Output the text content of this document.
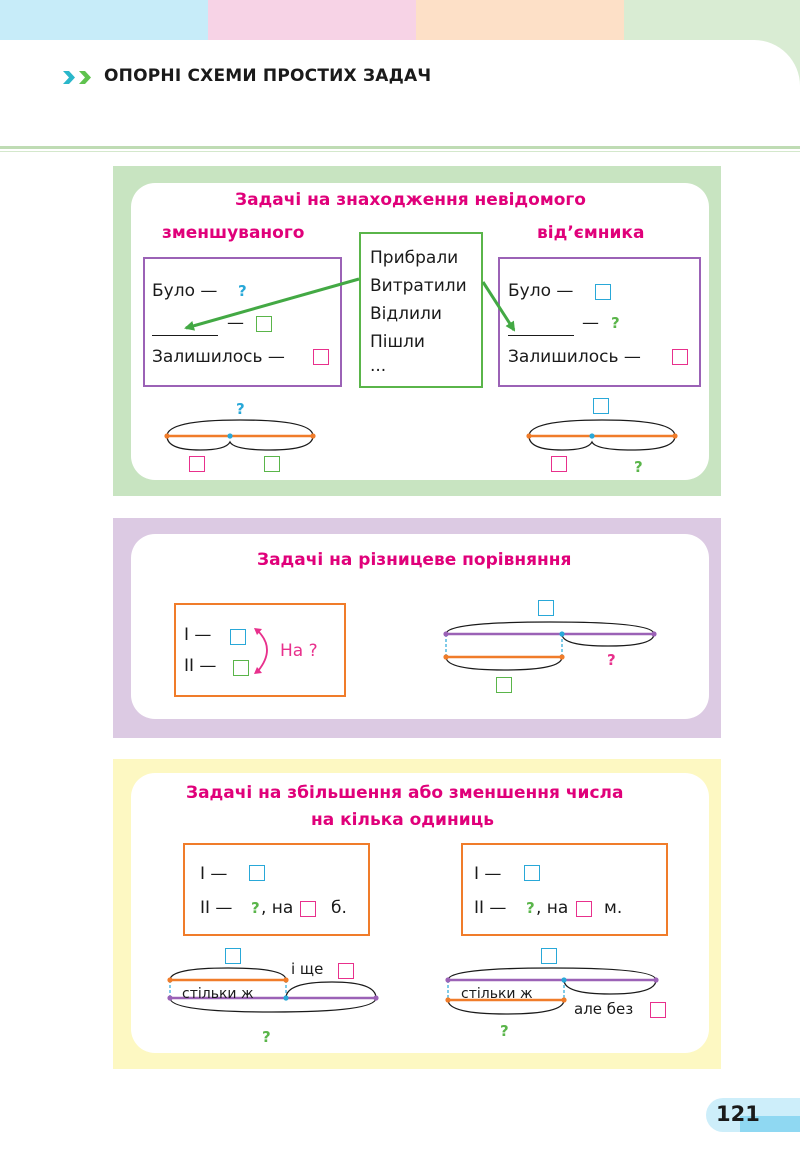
ОПОРНІ СХЕМИ ПРОСТИХ ЗАДАЧ
Задачі на знаходження невідомого
зменшуваного	від’ємника
Було — ?
—
Залишилось —
Прибрали
Витратили
Відлили
Пішли
...
Було —
— ?
Залишилось —
?
?
Задачі на різницеве порівняння
І —
ІІ —
На ?	?
Задачі на збільшення або зменшення числа
на кілька одиниць
І —
ІІ — ? , на б.
І —
ІІ — ? , на м.
стільки ж
і ще
?
стільки ж
але без
?
121
